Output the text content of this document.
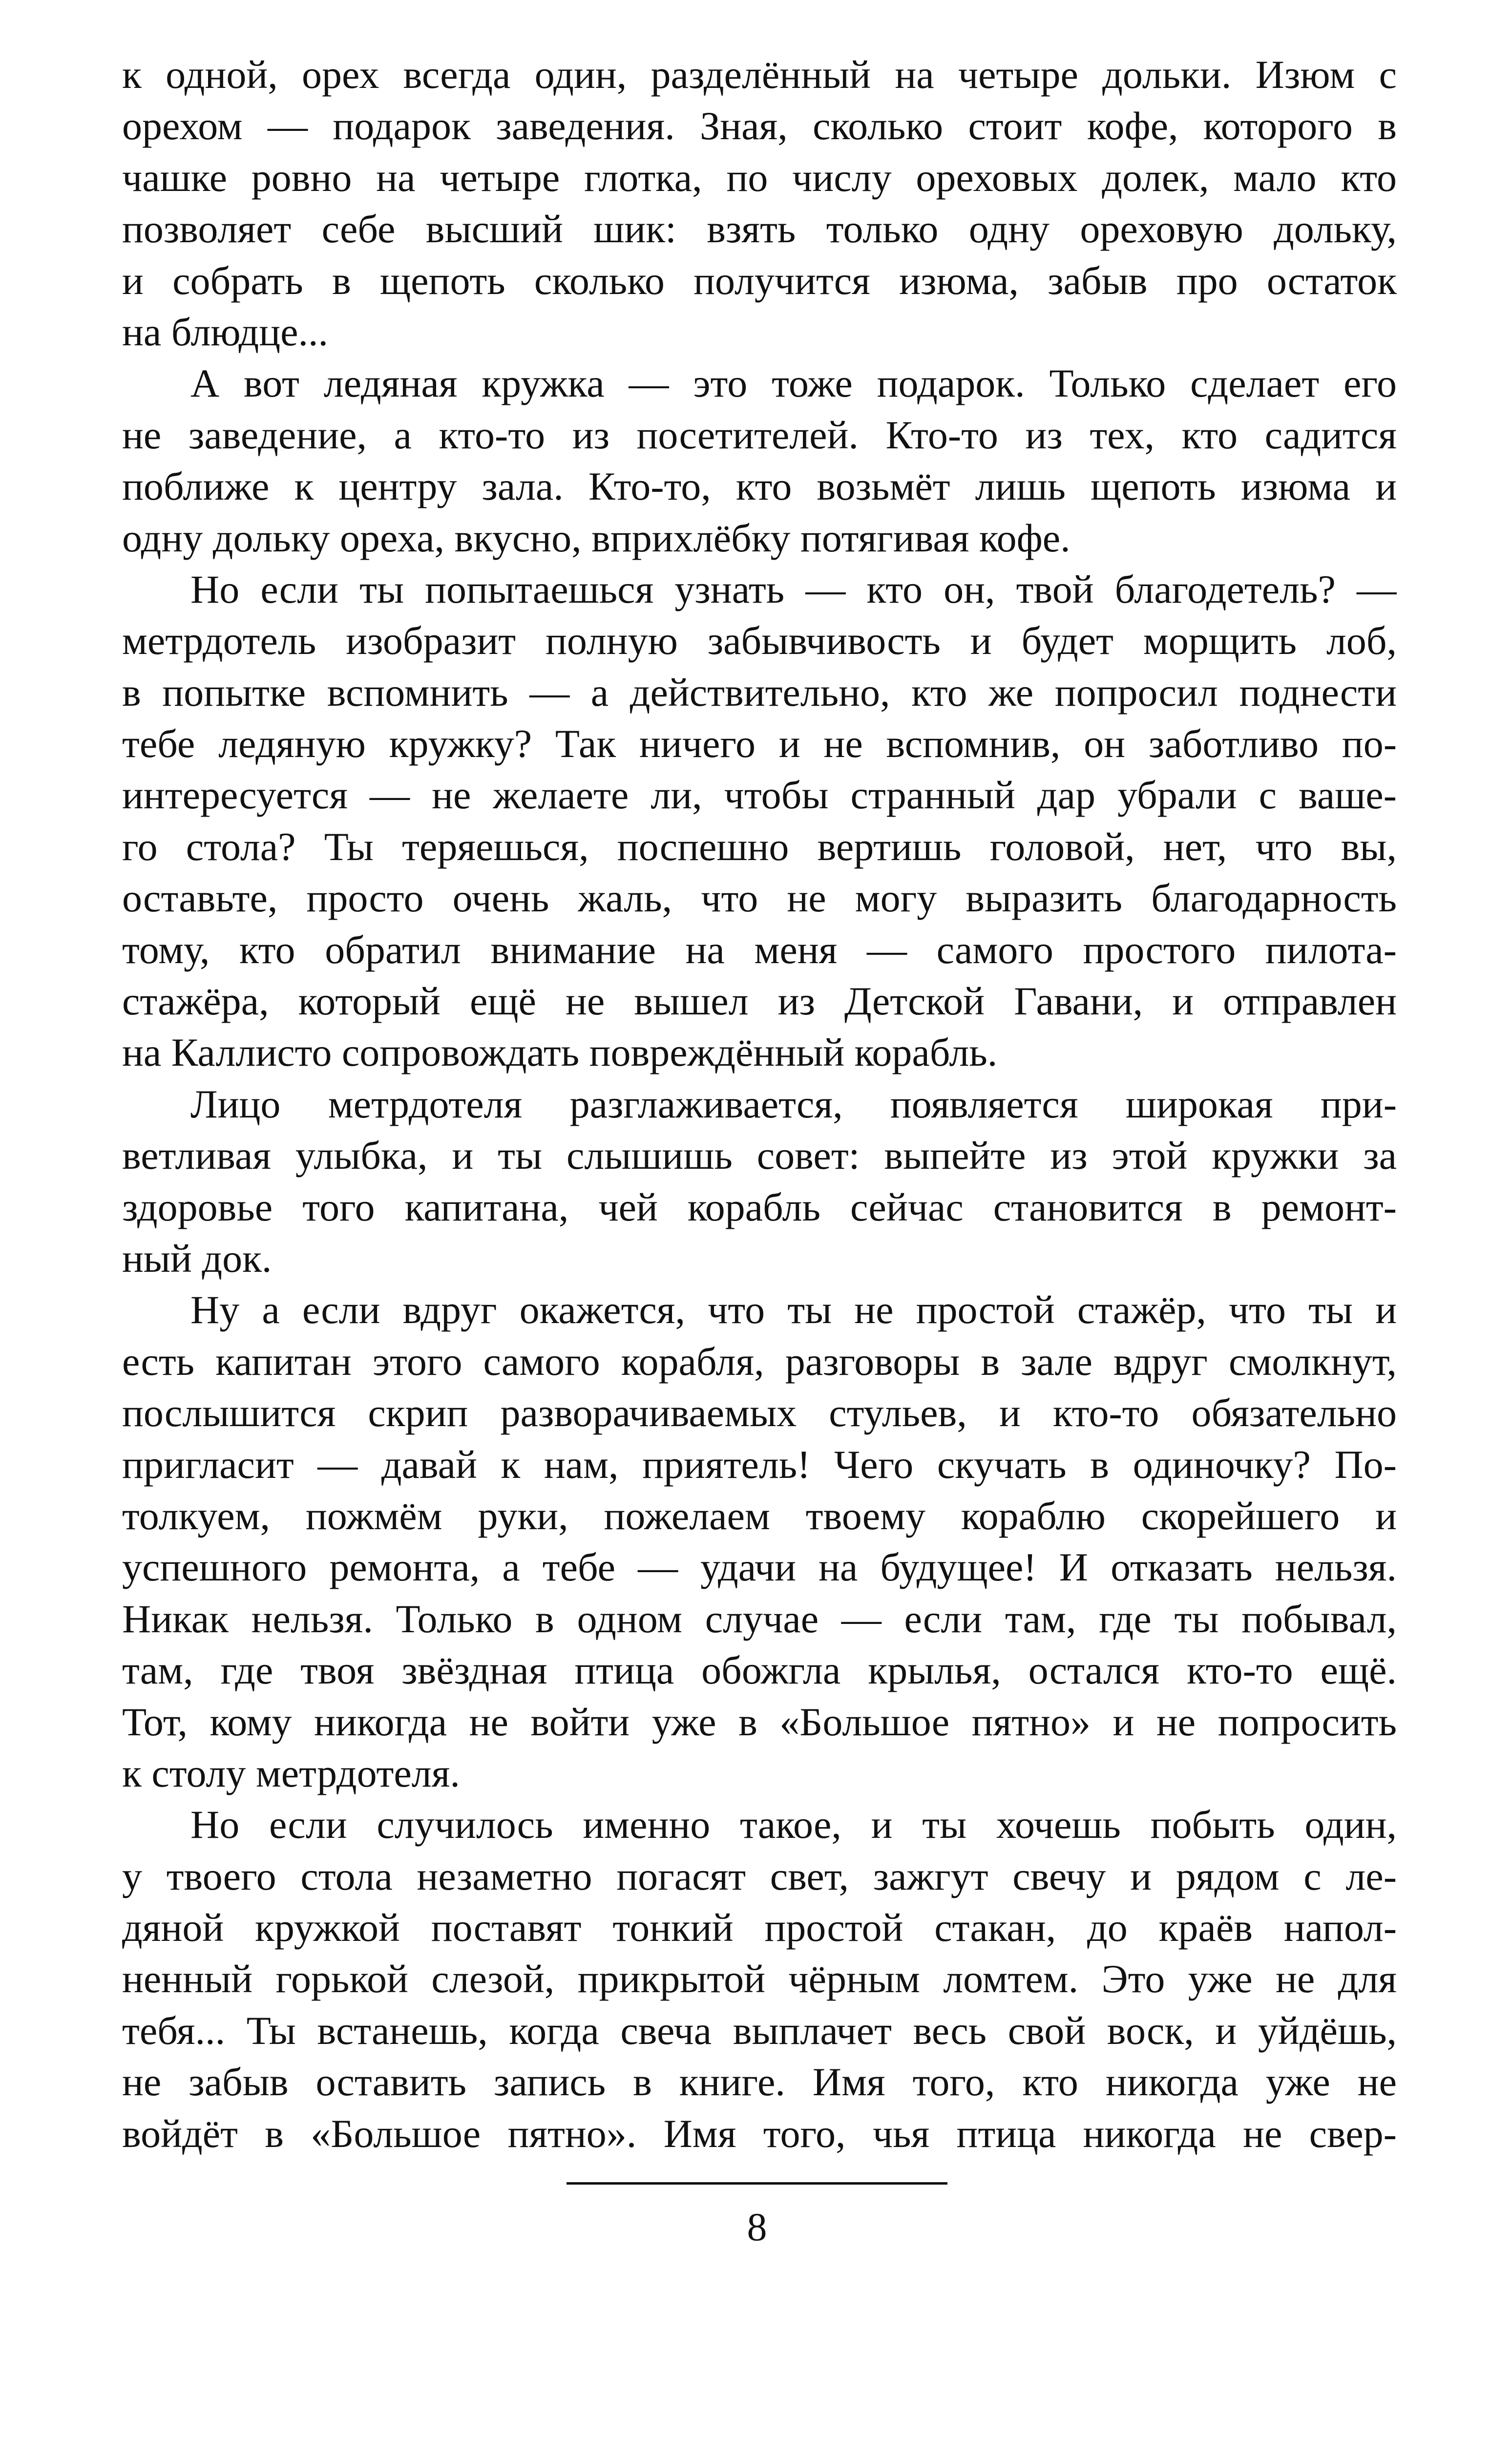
к одной, орех всегда один, разделённый на четыре дольки. Изюм с
орехом — подарок заведения. Зная, сколько стоит кофе, которого в
чашке ровно на четыре глотка, по числу ореховых долек, мало кто
позволяет себе высший шик: взять только одну ореховую дольку,
и собрать в щепоть сколько получится изюма, забыв про остаток
на блюдце...
А вот ледяная кружка — это тоже подарок. Только сделает его
не заведение, а кто-то из посетителей. Кто-то из тех, кто садится
поближе к центру зала. Кто-то, кто возьмёт лишь щепоть изюма и
одну дольку ореха, вкусно, вприхлёбку потягивая кофе.
Но если ты попытаешься узнать — кто он, твой благодетель? —
метрдотель изобразит полную забывчивость и будет морщить лоб,
в попытке вспомнить — а действительно, кто же попросил поднести
тебе ледяную кружку? Так ничего и не вспомнив, он заботливо по-
интересуется — не желаете ли, чтобы странный дар убрали с ваше-
го стола? Ты теряешься, поспешно вертишь головой, нет, что вы,
оставьте, просто очень жаль, что не могу выразить благодарность
тому, кто обратил внимание на меня — самого простого пилота-
стажёра, который ещё не вышел из Детской Гавани, и отправлен
на Каллисто сопровождать повреждённый корабль.
Лицо метрдотеля разглаживается, появляется широкая при-
ветливая улыбка, и ты слышишь совет: выпейте из этой кружки за
здоровье того капитана, чей корабль сейчас становится в ремонт-
ный док.
Ну а если вдруг окажется, что ты не простой стажёр, что ты и
есть капитан этого самого корабля, разговоры в зале вдруг смолкнут,
послышится скрип разворачиваемых стульев, и кто-то обязательно
пригласит — давай к нам, приятель! Чего скучать в одиночку? По-
толкуем, пожмём руки, пожелаем твоему кораблю скорейшего и
успешного ремонта, а тебе — удачи на будущее! И отказать нельзя.
Никак нельзя. Только в одном случае — если там, где ты побывал,
там, где твоя звёздная птица обожгла крылья, остался кто-то ещё.
Тот, кому никогда не войти уже в «Большое пятно» и не попросить
к столу метрдотеля.
Но если случилось именно такое, и ты хочешь побыть один,
у твоего стола незаметно погасят свет, зажгут свечу и рядом с ле-
дяной кружкой поставят тонкий простой стакан, до краёв напол-
ненный горькой слезой, прикрытой чёрным ломтем. Это уже не для
тебя... Ты встанешь, когда свеча выплачет весь свой воск, и уйдёшь,
не забыв оставить запись в книге. Имя того, кто никогда уже не
войдёт в «Большое пятно». Имя того, чья птица никогда не свер-
8
